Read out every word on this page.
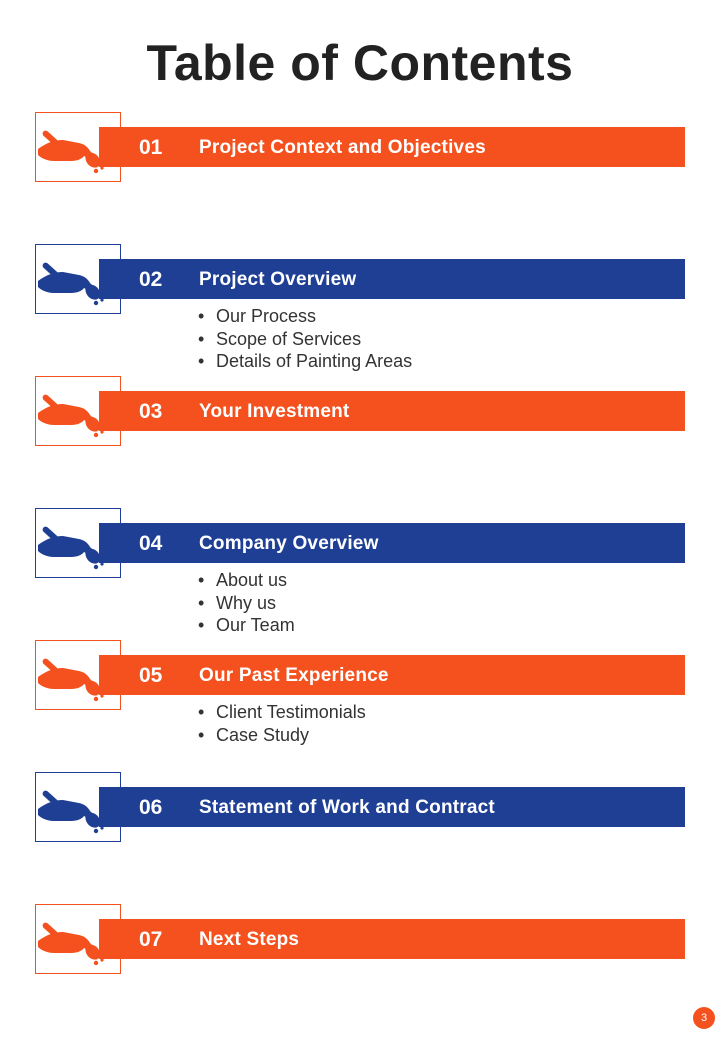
Table of Contents
01 Project Context and Objectives
02 Project Overview
• Our Process
• Scope of Services
• Details of Painting Areas
03 Your Investment
04 Company Overview
• About us
• Why us
• Our Team
05 Our Past Experience
• Client Testimonials
• Case Study
06 Statement of Work and Contract
07 Next Steps
3
